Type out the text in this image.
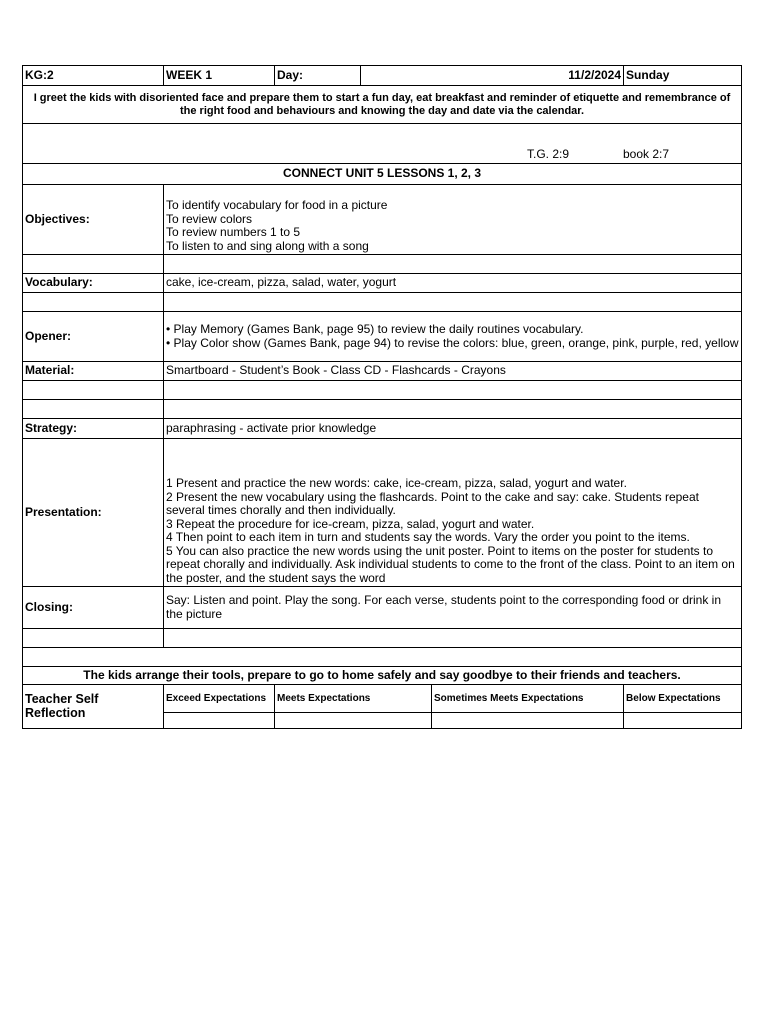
KG:2	WEEK 1	Day:	11/2/2024		Sunday
I greet the kids with disoriented face and prepare them to start a fun day, eat breakfast and reminder of etiquette and remembrance of the right food and behaviours and knowing the day and date via the calendar.					

T.G. 2:9 book 2:7					

CONNECT UNIT 5 LESSONS 1, 2, 3					
Objectives:	To identify vocabulary for food in a picture
To review colors
To review numbers 1 to 5
To listen to and sing along with a song				

Vocabulary:	cake, ice-cream, pizza, salad, water, yogurt				

Opener:	• Play Memory (Games Bank, page 95) to review the daily routines vocabulary.
• Play Color show (Games Bank, page 94) to revise the colors: blue, green, orange, pink, purple, red, yellow				

Material:	Smartboard - Student’s Book - Class CD - Flashcards - Crayons				

Strategy:	paraphrasing - activate prior knowledge				
Presentation:	1 Present and practice the new words: cake, ice-cream, pizza, salad, yogurt and water.
2 Present the new vocabulary using the flashcards. Point to the cake and say: cake. Students repeat several times chorally and then individually.
3 Repeat the procedure for ice-cream, pizza, salad, yogurt and water.
4 Then point to each item in turn and students say the words. Vary the order you point to the items.
5 You can also practice the new words using the unit poster. Point to items on the poster for students to repeat chorally and individually. Ask individual students to come to the front of the class. Point to an item on the poster, and the student says the word				

Closing:	Say: Listen and point. Play the song. For each verse, students point to the corresponding food or drink in the picture				

The kids arrange their tools, prepare to go to home safely and say goodbye to their friends and teachers.					
Teacher Self Reflection	Exceed Expectations	Meets Expectations		Sometimes Meets Expectations	Below Expectations
